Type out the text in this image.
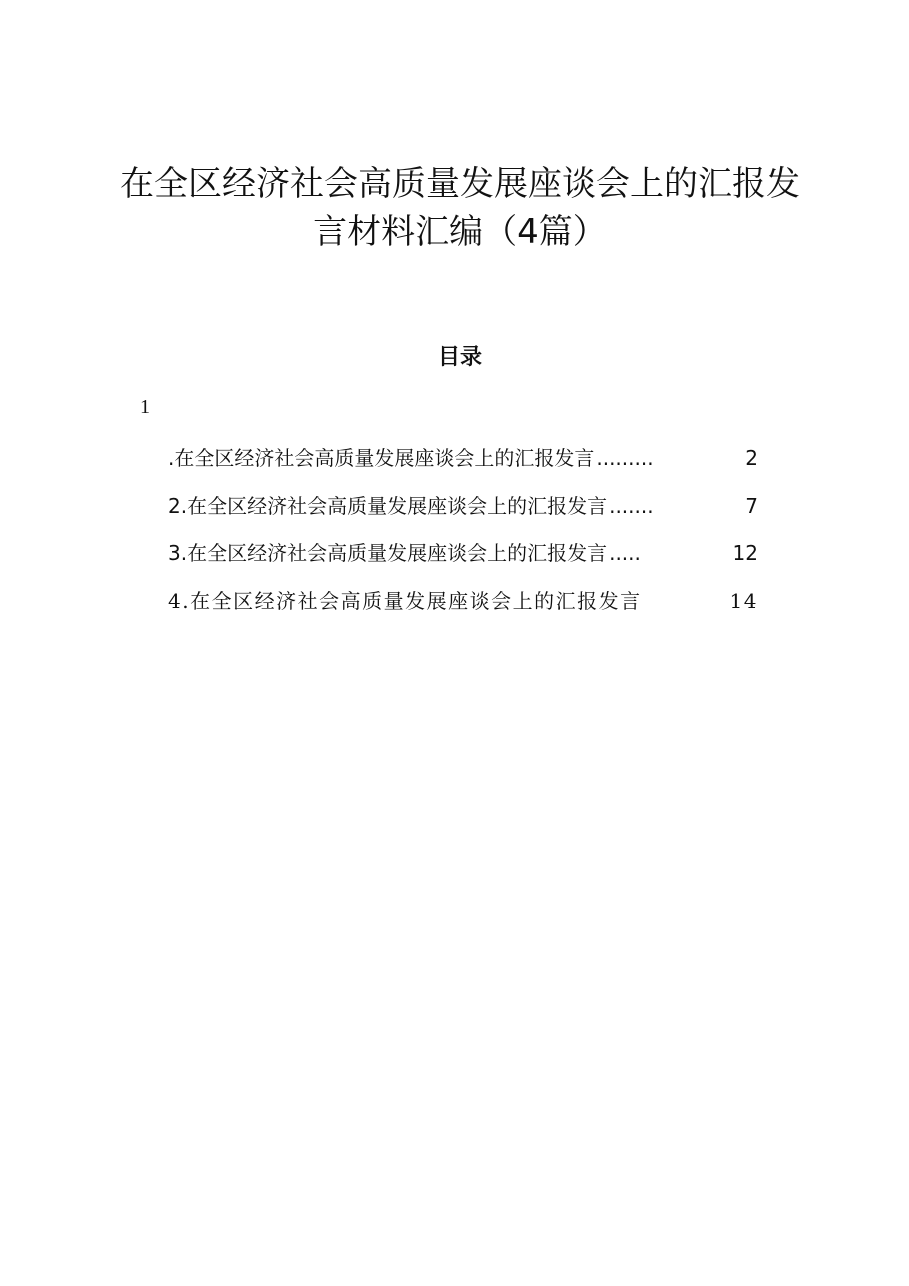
在全区经济社会高质量发展座谈会上的汇报发
言材料汇编（4篇）
目录
1
.在全区经济社会高质量发展座谈会上的汇报发言 .........	2
2.在全区经济社会高质量发展座谈会上的汇报发言 .......	7
3.在全区经济社会高质量发展座谈会上的汇报发言 .....	12
4.在全区经济社会高质量发展座谈会上的汇报发言	14
